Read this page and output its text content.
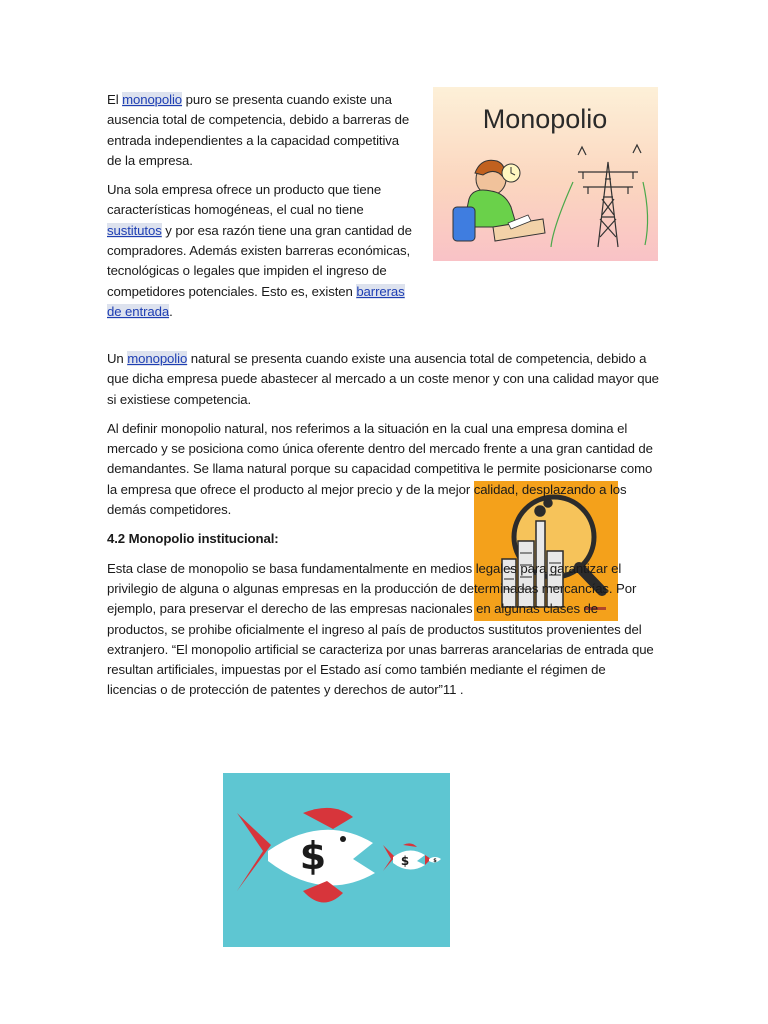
Monopolio

El monopolio puro se presenta cuando existe una ausencia total de competencia, debido a barreras de entrada independientes a la capacidad competitiva de la empresa.

Una sola empresa ofrece un producto que tiene características homogéneas, el cual no tiene sustitutos y por esa razón tiene una gran cantidad de compradores. Además existen barreras económicas, tecnológicas o legales que impiden el ingreso de competidores potenciales. Esto es, existen barreras de entrada.

Un monopolio natural se presenta cuando existe una ausencia total de competencia, debido a que dicha empresa puede abastecer al mercado a un coste menor y con una calidad mayor que si existiese competencia.

Al definir monopolio natural, nos referimos a la situación en la cual una empresa domina el mercado y se posiciona como única oferente dentro del mercado frente a una gran cantidad de demandantes. Se llama natural porque su capacidad competitiva le permite posicionarse como la empresa que ofrece el producto al mejor precio y de la mejor calidad, desplazando a los demás competidores.

4.2 Monopolio institucional:

Esta clase de monopolio se basa fundamentalmente en medios legales para garantizar el privilegio de alguna o algunas empresas en la producción de determinadas mercancías. Por ejemplo, para preservar el derecho de las empresas nacionales en algunas clases de productos, se prohibe oficialmente el ingreso al país de productos sustitutos provenientes del extranjero. “El monopolio artificial se caracteriza por unas barreras arancelarias de entrada que resultan artificiales, impuestas por el Estado así como también mediante el régimen de licencias o de protección de patentes y derechos de autor”11 .

$	$	$
